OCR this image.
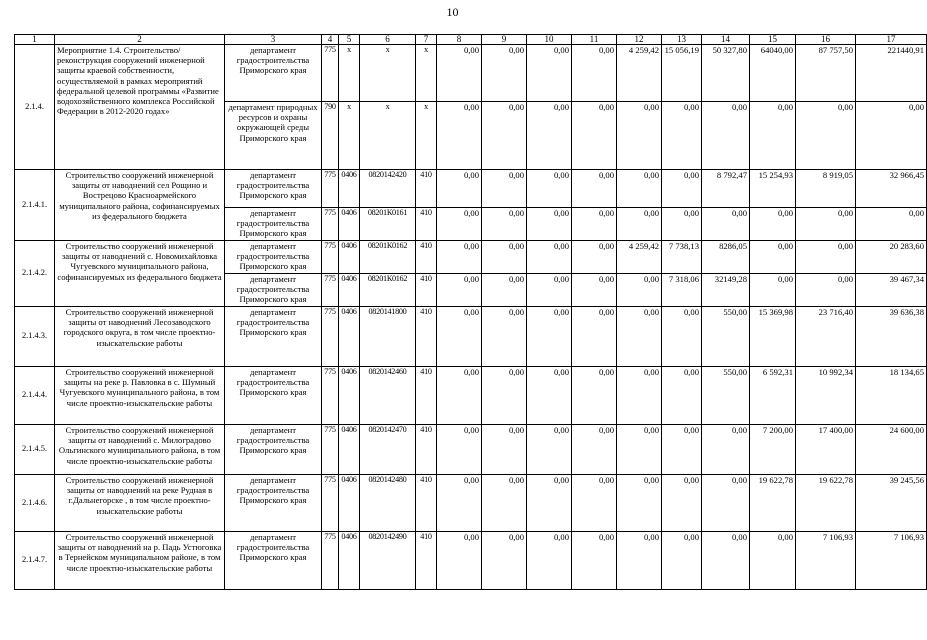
10
1	2	3	4	5	6	7	8	9	10	11	12	13	14	15	16	17
2.1.4.	Мероприятие 1.4. Строительство/реконструкция сооружений инженерной защиты краевой собственности, осуществляемой в рамках мероприятий федеральной целевой программы «Развитие водохозяйственного комплекса Российской Федерации в 2012-2020 годах»	департамент градостроительства Приморского края	775	х	х	х	0,00	0,00	0,00	0,00	4 259,42	15 056,19	50 327,80	64040,00	87 757,50	221440,91
		департамент природных ресурсов и охраны окружающей среды Приморского края	790	х	х	х	0,00	0,00	0,00	0,00	0,00	0,00	0,00	0,00	0,00	0,00
2.1.4.1.	Строительство сооружений инженерной защиты от наводнений сел Рощино и Вострецово Красноармейского муниципального района, софинансируемых из федерального бюджета	департамент градостроительства Приморского края	775	0406	0820142420	410	0,00	0,00	0,00	0,00	0,00	0,00	8 792,47	15 254,93	8 919,05	32 966,45
		департамент градостроительства Приморского края	775	0406	08201К0161	410	0,00	0,00	0,00	0,00	0,00	0,00	0,00	0,00	0,00	0,00
2.1.4.2.	Строительство сооружений инженерной защиты от наводнений с. Новомихайловка Чугуевского муниципального района, софинансируемых из федерального бюджета	департамент градостроительства Приморского края	775	0406	08201К0162	410	0,00	0,00	0,00	0,00	4 259,42	7 738,13	8286,05	0,00	0,00	20 283,60
		департамент градостроительства Приморского края	775	0406	08201К0162	410	0,00	0,00	0,00	0,00	0,00	7 318,06	32149,28	0,00	0,00	39 467,34
2.1.4.3.	Строительство сооружений инженерной защиты от наводнений Лесозаводского городского округа, в том числе проектно-изыскательские работы	департамент градостроительства Приморского края	775	0406	0820141800	410	0,00	0,00	0,00	0,00	0,00	0,00	550,00	15 369,98	23 716,40	39 636,38
2.1.4.4.	Строительство сооружений инженерной защиты на реке р. Павловка в с. Шумный Чугуевского муниципального района, в том числе проектно-изыскательские работы	департамент градостроительства Приморского края	775	0406	0820142460	410	0,00	0,00	0,00	0,00	0,00	0,00	550,00	6 592,31	10 992,34	18 134,65
2.1.4.5.	Строительство сооружений инженерной защиты от наводнений с. Милоградово Ольгинского муниципального района, в том числе проектно-изыскательские работы	департамент градостроительства Приморского края	775	0406	0820142470	410	0,00	0,00	0,00	0,00	0,00	0,00	0,00	7 200,00	17 400,00	24 600,00
2.1.4.6.	Строительство сооружений инженерной защиты от наводнений на реке Рудная в г.Дальнегорске , в том числе проектно-изыскательские работы	департамент градостроительства Приморского края	775	0406	0820142480	410	0,00	0,00	0,00	0,00	0,00	0,00	0,00	19 622,78	19 622,78	39 245,56
2.1.4.7.	Строительство сооружений инженерной защиты от наводнений на р. Падь Устюговка в Тернейском муниципальном районе, в том числе проектно-изыскательские работы	департамент градостроительства Приморского края	775	0406	0820142490	410	0,00	0,00	0,00	0,00	0,00	0,00	0,00	0,00	7 106,93	7 106,93
